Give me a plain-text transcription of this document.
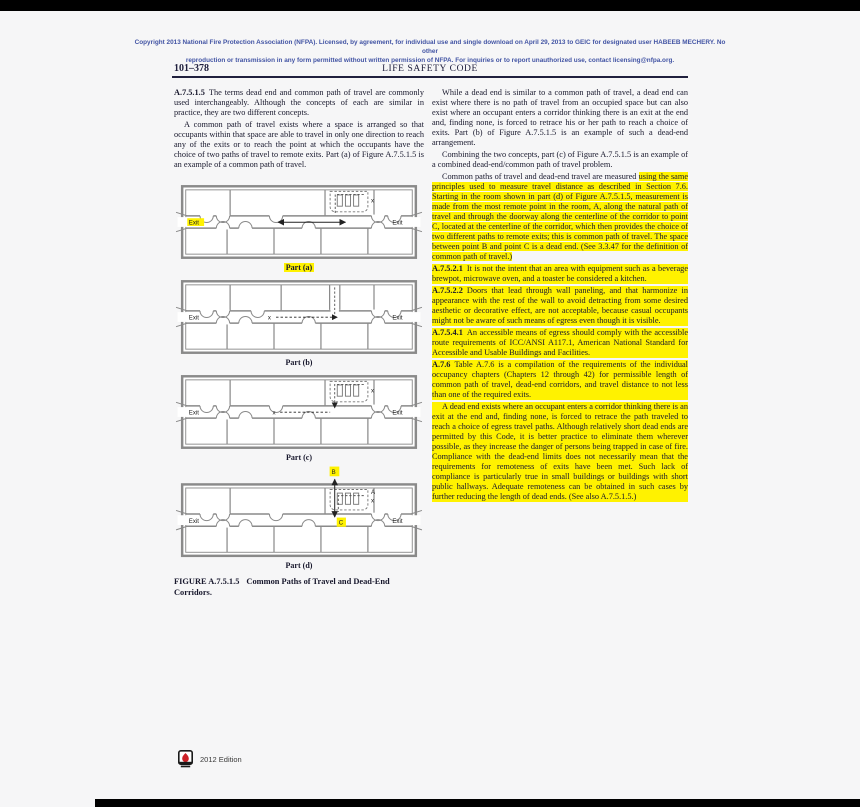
Copyright 2013 National Fire Protection Association (NFPA). Licensed, by agreement, for individual use and single download on April 29, 2013 to GEIC for designated user HABEEB MECHERY. No other
reproduction or transmission in any form permitted without written permission of NFPA. For inquiries or to report unauthorized use, contact licensing@nfpa.org.
101–378	LIFE SAFETY CODE
A.7.5.1.5 The terms dead end and common path of travel are commonly used interchangeably. Although the concepts of each are similar in practice, they are two different concepts.
A common path of travel exists where a space is arranged so that occupants within that space are able to travel in only one direction to reach any of the exits or to reach the point at which the occupants have the choice of two paths of travel to remote exits. Part (a) of Figure A.7.5.1.5 is an example of a common path of travel.
x
Exit	Exit
Part (a)
x
Exit	Exit
Part (b)
x
x
Exit	Exit
Part (c)
B
C
A
x
Exit	Exit
Part (d)
FIGURE A.7.5.1.5 Common Paths of Travel and Dead-End Corridors.
While a dead end is similar to a common path of travel, a dead end can exist where there is no path of travel from an occupied space but can also exist where an occupant enters a corridor thinking there is an exit at the end and, finding none, is forced to retrace his or her path to reach a choice of exits. Part (b) of Figure A.7.5.1.5 is an example of such a dead-end arrangement.
Combining the two concepts, part (c) of Figure A.7.5.1.5 is an example of a combined dead-end/common path of travel problem.
Common paths of travel and dead-end travel are measured using the same principles used to measure travel distance as described in Section 7.6. Starting in the room shown in part (d) of Figure A.7.5.1.5, measurement is made from the most remote point in the room, A, along the natural path of travel and through the doorway along the centerline of the corridor to point C, located at the centerline of the corridor, which then provides the choice of two different paths to remote exits; this is common path of travel. The space between point B and point C is a dead end. (See 3.3.47 for the definition of common path of travel.)
A.7.5.2.1 It is not the intent that an area with equipment such as a beverage brewpot, microwave oven, and a toaster be considered a kitchen.
A.7.5.2.2 Doors that lead through wall paneling, and that harmonize in appearance with the rest of the wall to avoid detracting from some desired aesthetic or decorative effect, are not acceptable, because casual occupants might not be aware of such means of egress even though it is visible.
A.7.5.4.1 An accessible means of egress should comply with the accessible route requirements of ICC/ANSI A117.1, American National Standard for Accessible and Usable Buildings and Facilities.
A.7.6 Table A.7.6 is a compilation of the requirements of the individual occupancy chapters (Chapters 12 through 42) for permissible length of common path of travel, dead-end corridors, and travel distance to not less than one of the required exits.
A dead end exists where an occupant enters a corridor thinking there is an exit at the end and, finding none, is forced to retrace the path traveled to reach a choice of egress travel paths. Although relatively short dead ends are permitted by this Code, it is better practice to eliminate them wherever possible, as they increase the danger of persons being trapped in case of fire. Compliance with the dead-end limits does not necessarily mean that the requirements for remoteness of exits have been met. Such lack of compliance is particularly true in small buildings or buildings with short public hallways. Adequate remoteness can be obtained in such cases by further reducing the length of dead ends. (See also A.7.5.1.5.)
2012 Edition
